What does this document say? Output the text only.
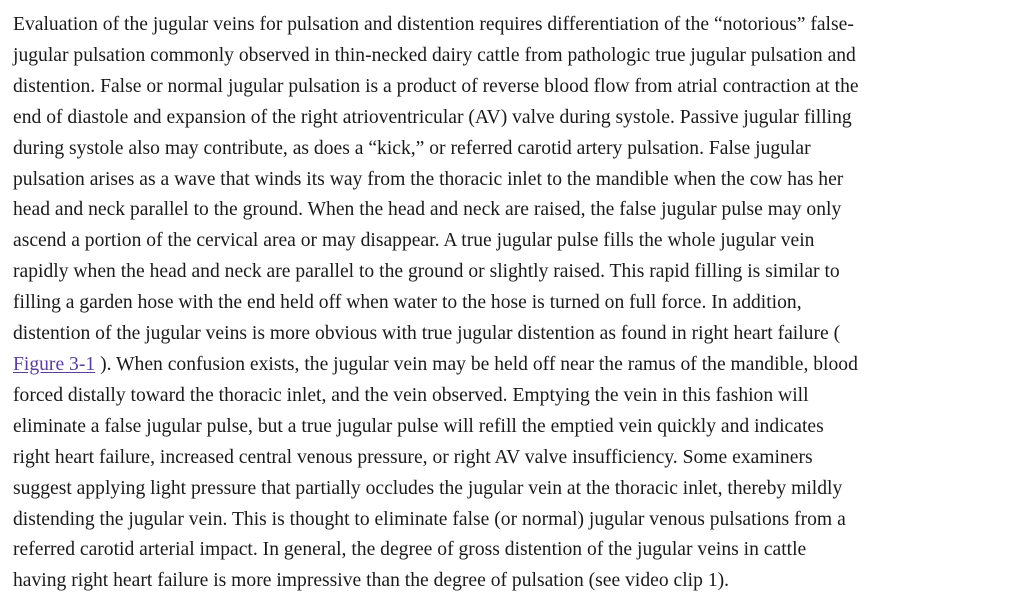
Evaluation of the jugular veins for pulsation and distention requires differentiation of the “notorious” false-
jugular pulsation commonly observed in thin-necked dairy cattle from pathologic true jugular pulsation and
distention. False or normal jugular pulsation is a product of reverse blood flow from atrial contraction at the
end of diastole and expansion of the right atrioventricular (AV) valve during systole. Passive jugular filling
during systole also may contribute, as does a “kick,” or referred carotid artery pulsation. False jugular
pulsation arises as a wave that winds its way from the thoracic inlet to the mandible when the cow has her
head and neck parallel to the ground. When the head and neck are raised, the false jugular pulse may only
ascend a portion of the cervical area or may disappear. A true jugular pulse fills the whole jugular vein
rapidly when the head and neck are parallel to the ground or slightly raised. This rapid filling is similar to
filling a garden hose with the end held off when water to the hose is turned on full force. In addition,
distention of the jugular veins is more obvious with true jugular distention as found in right heart failure (
Figure 3-1 ). When confusion exists, the jugular vein may be held off near the ramus of the mandible, blood
forced distally toward the thoracic inlet, and the vein observed. Emptying the vein in this fashion will
eliminate a false jugular pulse, but a true jugular pulse will refill the emptied vein quickly and indicates
right heart failure, increased central venous pressure, or right AV valve insufficiency. Some examiners
suggest applying light pressure that partially occludes the jugular vein at the thoracic inlet, thereby mildly
distending the jugular vein. This is thought to eliminate false (or normal) jugular venous pulsations from a
referred carotid arterial impact. In general, the degree of gross distention of the jugular veins in cattle
having right heart failure is more impressive than the degree of pulsation (see video clip 1).
